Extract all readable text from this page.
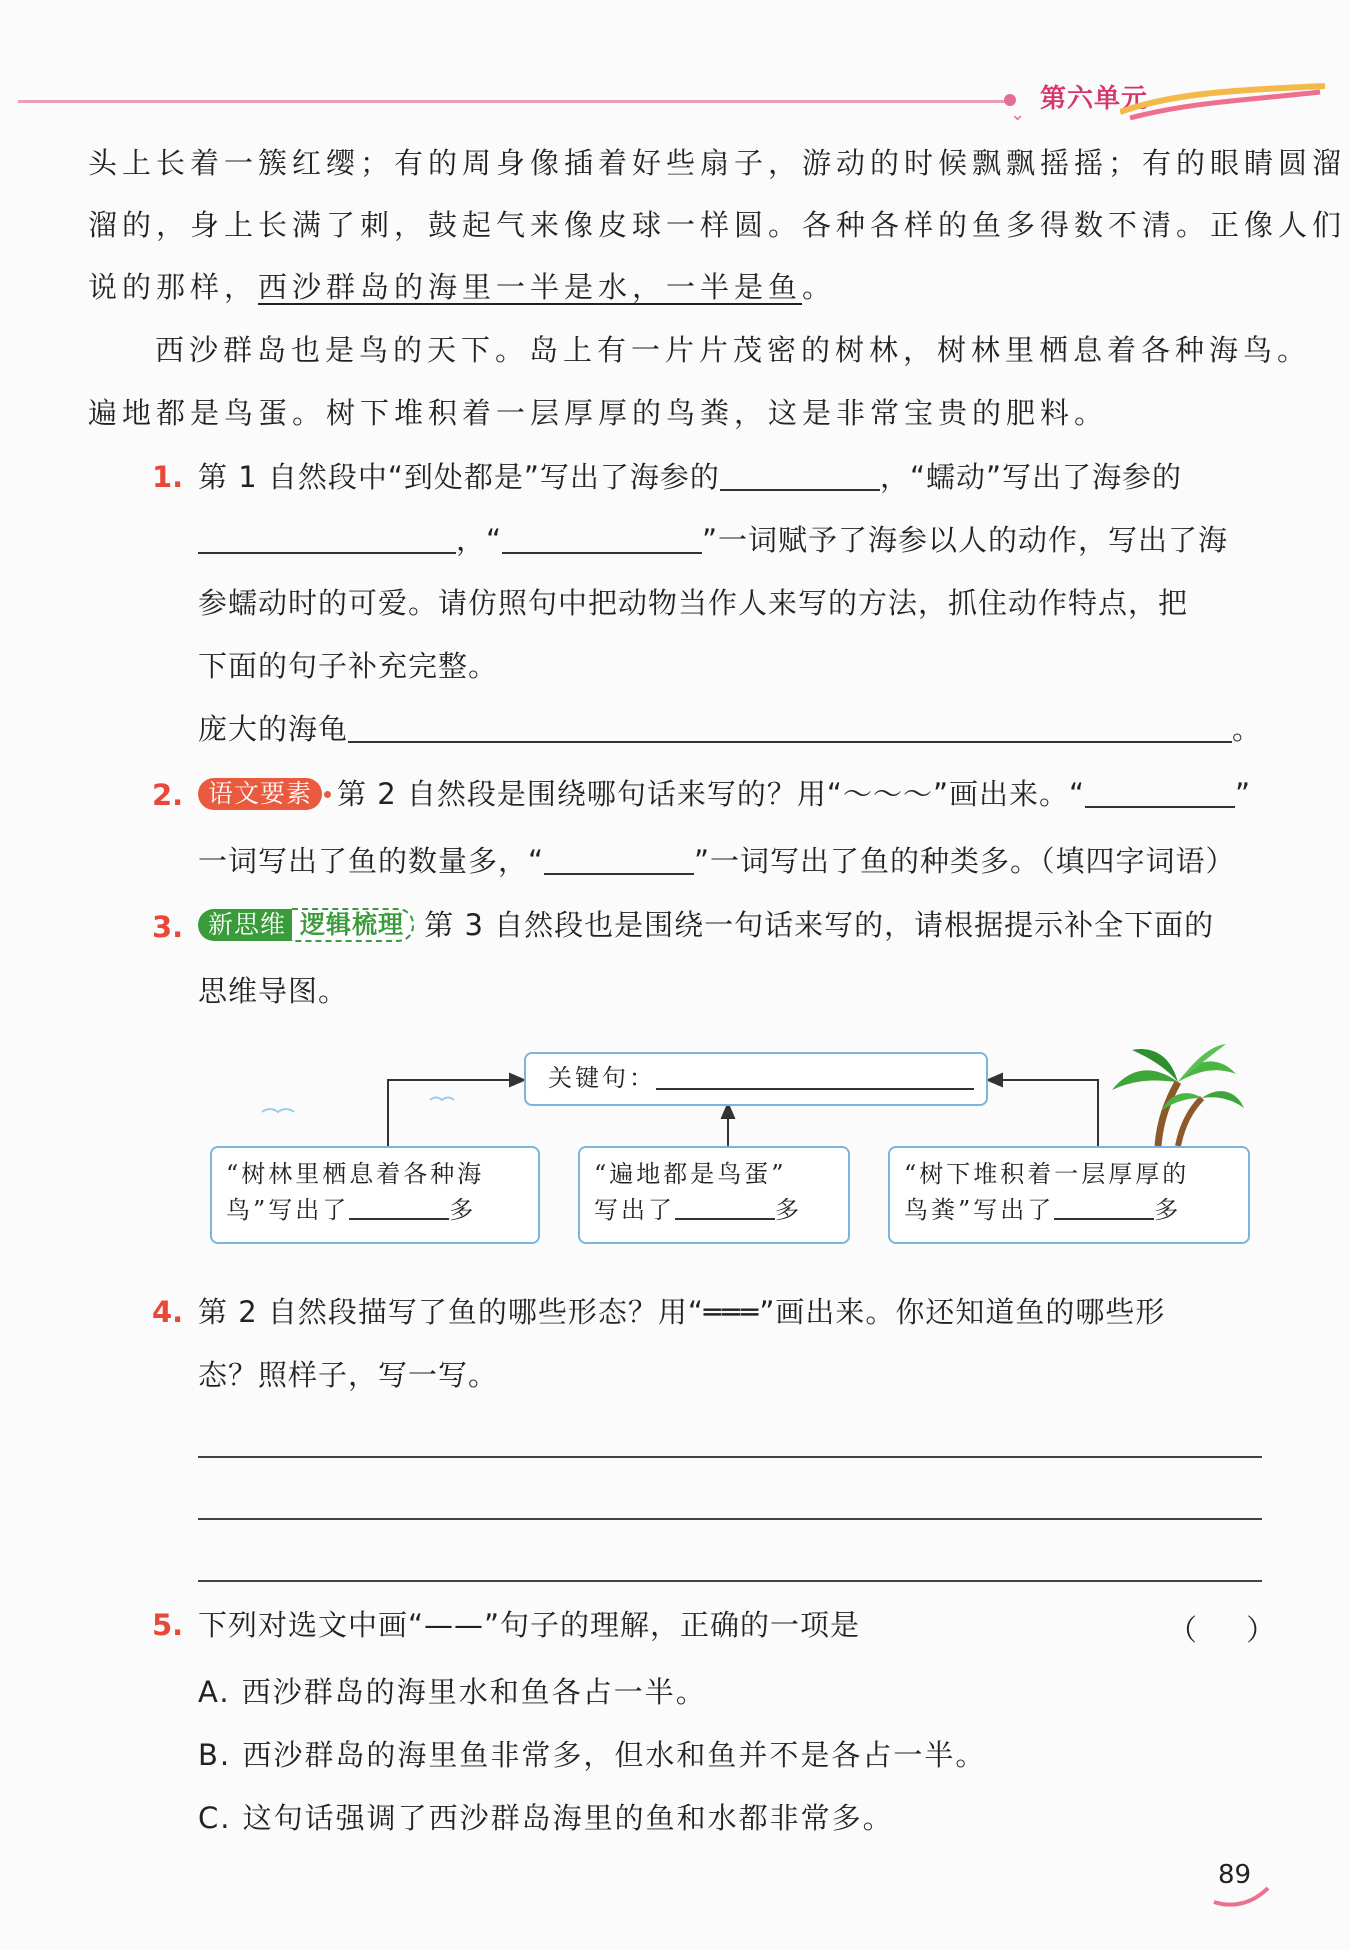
⌄
第六单元
头上长着一簇红缨；有的周身像插着好些扇子，游动的时候飘飘摇摇；有的眼睛圆溜
溜的，身上长满了刺，鼓起气来像皮球一样圆。各种各样的鱼多得数不清。正像人们
说的那样，西沙群岛的海里一半是水，一半是鱼。
西沙群岛也是鸟的天下。岛上有一片片茂密的树林，树林里栖息着各种海鸟。
遍地都是鸟蛋。树下堆积着一层厚厚的鸟粪，这是非常宝贵的肥料。
1. 第 1 自然段中“到处都是”写出了海参的	，“蠕动”写出了海参的
，“	”一词赋予了海参以人的动作，写出了海
参蠕动时的可爱。请仿照句中把动物当作人来写的方法，抓住动作特点，把
下面的句子补充完整。
庞大的海龟	。
2. 语文要素 第 2 自然段是围绕哪句话来写的？用“～～～”画出来。“	”
一词写出了鱼的数量多，“	”一词写出了鱼的种类多。（填四字词语）
3. 新思维 逻辑梳理 第 3 自然段也是围绕一句话来写的，请根据提示补全下面的
思维导图。
关键句：
“树林里栖息着各种海
鸟”写出了	多
“遍地都是鸟蛋”
写出了	多
“树下堆积着一层厚厚的
鸟粪”写出了	多
4. 第 2 自然段描写了鱼的哪些形态？用“═══”画出来。你还知道鱼的哪些形
态？照样子，写一写。
5. 下列对选文中画“——”句子的理解，正确的一项是	（ ）
A. 西沙群岛的海里水和鱼各占一半。
B. 西沙群岛的海里鱼非常多，但水和鱼并不是各占一半。
C. 这句话强调了西沙群岛海里的鱼和水都非常多。
89
